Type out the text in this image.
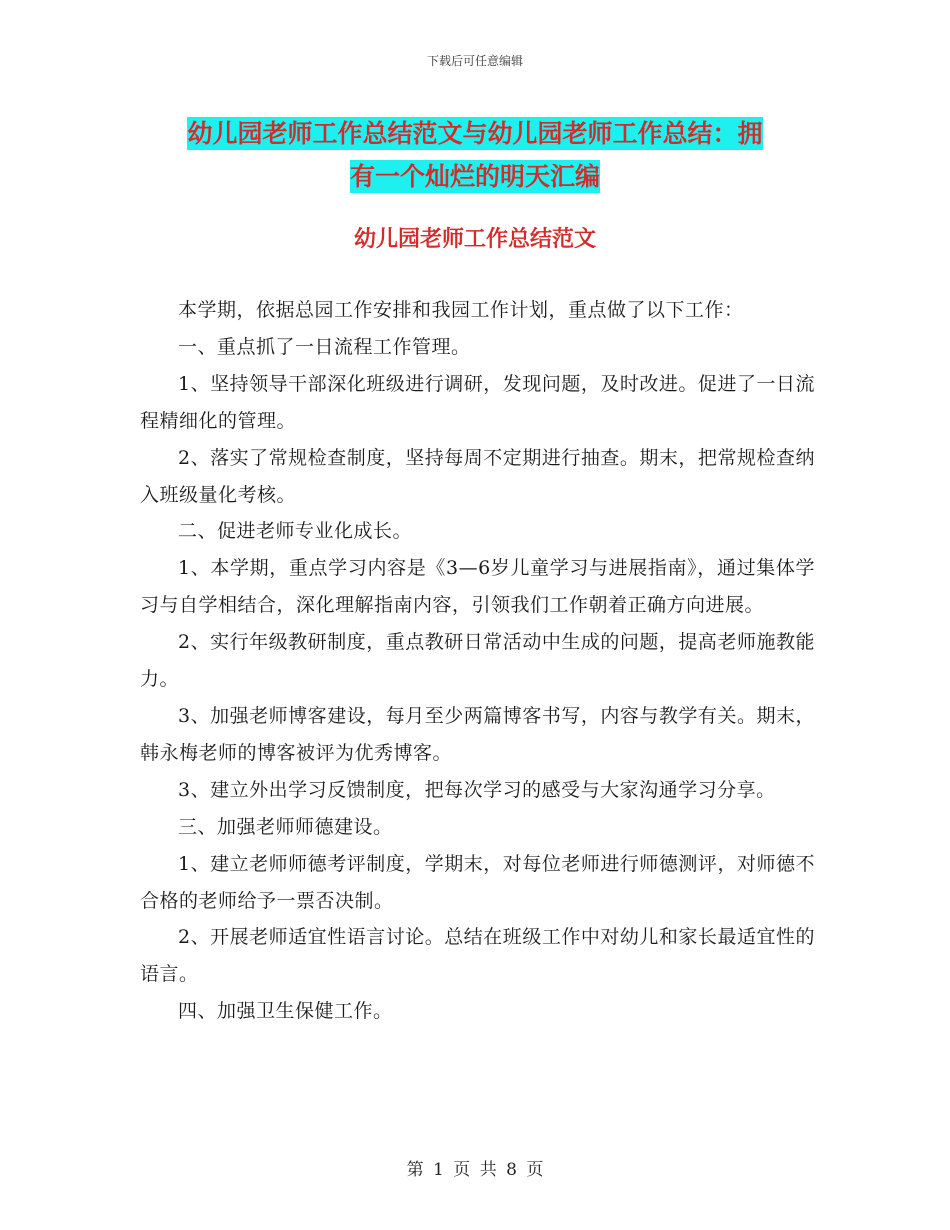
下载后可任意编辑
幼儿园老师工作总结范文与幼儿园老师工作总结：拥
有一个灿烂的明天汇编
幼儿园老师工作总结范文

本学期，依据总园工作安排和我园工作计划，重点做了以下工作：

一、重点抓了一日流程工作管理。

1、坚持领导干部深化班级进行调研，发现问题，及时改进。促进了一日流程精细化的管理。

2、落实了常规检查制度，坚持每周不定期进行抽查。期末，把常规检查纳入班级量化考核。

二、促进老师专业化成长。

1、本学期，重点学习内容是《3—6岁儿童学习与进展指南》，通过集体学习与自学相结合，深化理解指南内容，引领我们工作朝着正确方向进展。

2、实行年级教研制度，重点教研日常活动中生成的问题，提高老师施教能力。

3、加强老师博客建设，每月至少两篇博客书写，内容与教学有关。期末，韩永梅老师的博客被评为优秀博客。

3、建立外出学习反馈制度，把每次学习的感受与大家沟通学习分享。

三、加强老师师德建设。

1、建立老师师德考评制度，学期末，对每位老师进行师德测评，对师德不合格的老师给予一票否决制。

2、开展老师适宜性语言讨论。总结在班级工作中对幼儿和家长最适宜性的语言。

四、加强卫生保健工作。

第 1 页 共 8 页
